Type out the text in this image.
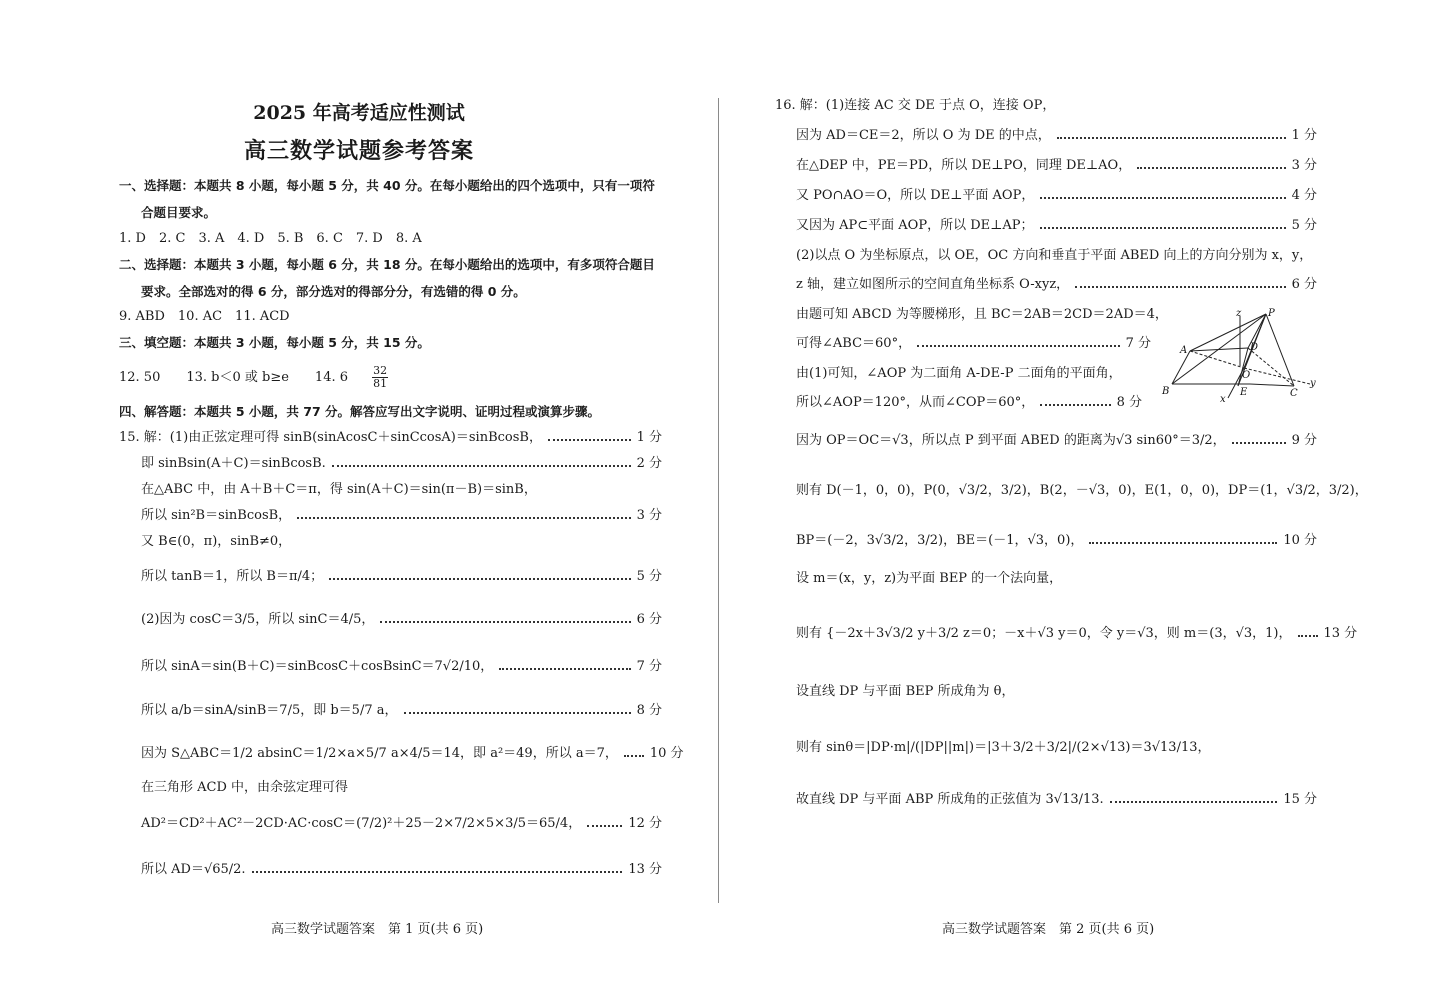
2025 年高考适应性测试
高三数学试题参考答案
一、选择题：本题共 8 小题，每小题 5 分，共 40 分。在每小题给出的四个选项中，只有一项符
合题目要求。
1. D　2. C　3. A　4. D　5. B　6. C　7. D　8. A
二、选择题：本题共 3 小题，每小题 6 分，共 18 分。在每小题给出的选项中，有多项符合题目
要求。全部选对的得 6 分，部分选对的得部分分，有选错的得 0 分。
9. ABD　10. AC　11. ACD
三、填空题：本题共 3 小题，每小题 5 分，共 15 分。
12. 50　　13. b＜0 或 b≥e　　14. $6 \frac{32}{81}$
四、解答题：本题共 5 小题，共 77 分。解答应写出文字说明、证明过程或演算步骤。
15. 解：(1)由正弦定理可得 sinB(sinAcosC＋sinCcosA)＝sinBcosB，	1 分
即 sinBsin(A＋C)＝sinBcosB.	2 分
在△ABC 中，由 A＋B＋C＝π，得 sin(A＋C)＝sin(π－B)＝sinB，
所以 sin²B＝sinBcosB，	3 分
又 B∈(0，π)，sinB≠0，
所以 tanB＝1，所以 B＝π/4；	5 分
(2)因为 cosC＝3/5，所以 sinC＝4/5，	6 分
所以 sinA＝sin(B＋C)＝sinBcosC＋cosBsinC＝7√2/10，	7 分
所以 a/b＝sinA/sinB＝7/5，即 b＝5/7 a，	8 分
因为 S△ABC＝1/2 absinC＝1/2×a×5/7 a×4/5＝14，即 a²＝49，所以 a＝7， 10 分
在三角形 ACD 中，由余弦定理可得
AD²＝CD²＋AC²－2CD·AC·cosC＝(7/2)²＋25－2×7/2×5×3/5＝65/4，	12 分
所以 AD＝√65/2.	13 分
高三数学试题答案　第 1 页(共 6 页)
16. 解：(1)连接 AC 交 DE 于点 O，连接 OP，
因为 AD＝CE＝2，所以 O 为 DE 的中点，	1 分
在△DEP 中，PE＝PD，所以 DE⊥PO，同理 DE⊥AO，	3 分
又 PO∩AO＝O，所以 DE⊥平面 AOP，	4 分
又因为 AP⊂平面 AOP，所以 DE⊥AP；	5 分
(2)以点 O 为坐标原点，以 OE，OC 方向和垂直于平面 ABED 向上的方向分别为 x，y，
z 轴，建立如图所示的空间直角坐标系 O-xyz，	6 分
由题可知 ABCD 为等腰梯形，且 BC＝2AB＝2CD＝2AD＝4，
可得∠ABC＝60°，	7 分
由(1)可知，∠AOP 为二面角 A-DE-P 二面角的平面角，
所以∠AOP＝120°，从而∠COP＝60°，	8 分
因为 OP＝OC＝√3，所以点 P 到平面 ABED 的距离为√3 sin60°＝3/2，	9 分
则有 D(－1，0，0)，P(0，√3/2，3/2)，B(2，－√3，0)，E(1，0，0)，DP＝(1，√3/2，3/2)，
BP＝(－2，3√3/2，3/2)，BE＝(－1，√3，0)，	10 分
设 m＝(x，y，z)为平面 BEP 的一个法向量，
则有 {－2x＋3√3/2 y＋3/2 z＝0；－x＋√3 y＝0，令 y＝√3，则 m＝(3，√3，1)， 13 分
设直线 DP 与平面 BEP 所成角为 θ，
则有 sinθ＝|DP·m|/(|DP||m|)＝|3＋3/2＋3/2|/(2×√13)＝3√13/13，
故直线 DP 与平面 ABP 所成角的正弦值为 3√13/13.	15 分
高三数学试题答案　第 2 页(共 6 页)
z	P
A	D
O
B	E	C
x
y
